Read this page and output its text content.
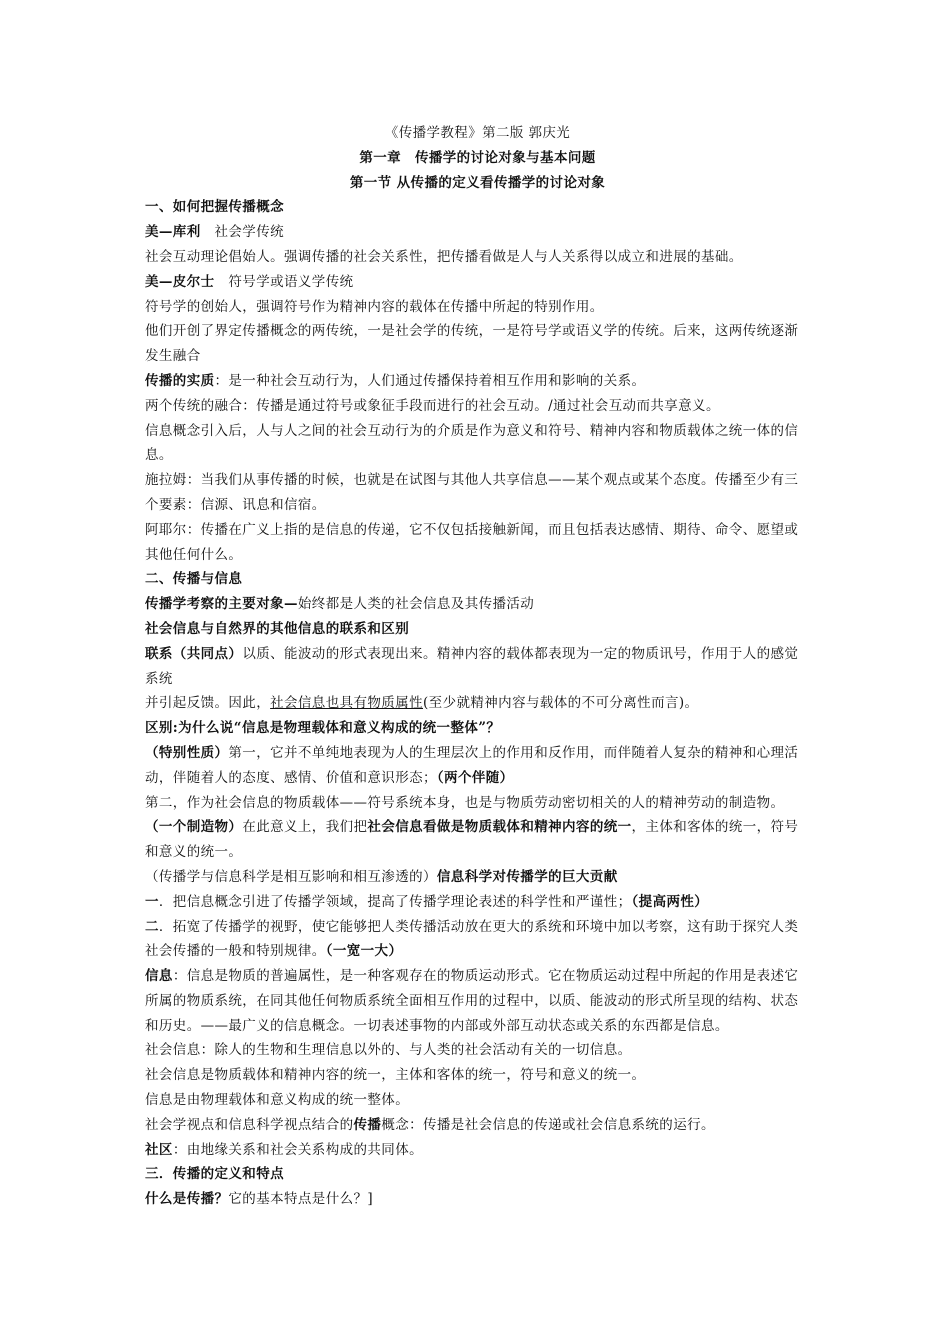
《传播学教程》第二版 郭庆光
第一章　传播学的讨论对象与基本问题
第一节 从传播的定义看传播学的讨论对象
一、如何把握传播概念
美—库利　社会学传统
社会互动理论倡始人。强调传播的社会关系性，把传播看做是人与人关系得以成立和进展的基础。
美—皮尔士　符号学或语义学传统
符号学的创始人，强调符号作为精神内容的载体在传播中所起的特别作用。
他们开创了界定传播概念的两传统，一是社会学的传统，一是符号学或语义学的传统。后来，这两传统逐渐发生融合
传播的实质：是一种社会互动行为，人们通过传播保持着相互作用和影响的关系。
两个传统的融合：传播是通过符号或象征手段而进行的社会互动。/通过社会互动而共享意义。
信息概念引入后，人与人之间的社会互动行为的介质是作为意义和符号、精神内容和物质载体之统一体的信息。
施拉姆：当我们从事传播的时候，也就是在试图与其他人共享信息——某个观点或某个态度。传播至少有三个要素：信源、讯息和信宿。
阿耶尔：传播在广义上指的是信息的传递，它不仅包括接触新闻，而且包括表达感情、期待、命令、愿望或其他任何什么。
二、传播与信息
传播学考察的主要对象—始终都是人类的社会信息及其传播活动
社会信息与自然界的其他信息的联系和区别
联系（共同点）以质、能波动的形式表现出来。精神内容的载体都表现为一定的物质讯号，作用于人的感觉系统
并引起反馈。因此，社会信息也具有物质属性(至少就精神内容与载体的不可分离性而言)。
区别:为什么说“信息是物理载体和意义构成的统一整体”？
（特别性质）第一，它并不单纯地表现为人的生理层次上的作用和反作用，而伴随着人复杂的精神和心理活动，伴随着人的态度、感情、价值和意识形态；（两个伴随）
第二，作为社会信息的物质载体——符号系统本身，也是与物质劳动密切相关的人的精神劳动的制造物。
（一个制造物）在此意义上，我们把社会信息看做是物质载体和精神内容的统一，主体和客体的统一，符号和意义的统一。
（传播学与信息科学是相互影响和相互渗透的）信息科学对传播学的巨大贡献
一．把信息概念引进了传播学领域，提高了传播学理论表述的科学性和严谨性；（提高两性）
二．拓宽了传播学的视野，使它能够把人类传播活动放在更大的系统和环境中加以考察，这有助于探究人类社会传播的一般和特别规律。（一宽一大）
信息：信息是物质的普遍属性，是一种客观存在的物质运动形式。它在物质运动过程中所起的作用是表述它所属的物质系统，在同其他任何物质系统全面相互作用的过程中，以质、能波动的形式所呈现的结构、状态和历史。——最广义的信息概念。一切表述事物的内部或外部互动状态或关系的东西都是信息。
社会信息：除人的生物和生理信息以外的、与人类的社会活动有关的一切信息。
社会信息是物质载体和精神内容的统一，主体和客体的统一，符号和意义的统一。
信息是由物理载体和意义构成的统一整体。
社会学视点和信息科学视点结合的传播概念：传播是社会信息的传递或社会信息系统的运行。
社区：由地缘关系和社会关系构成的共同体。
三．传播的定义和特点
什么是传播？它的基本特点是什么？]
